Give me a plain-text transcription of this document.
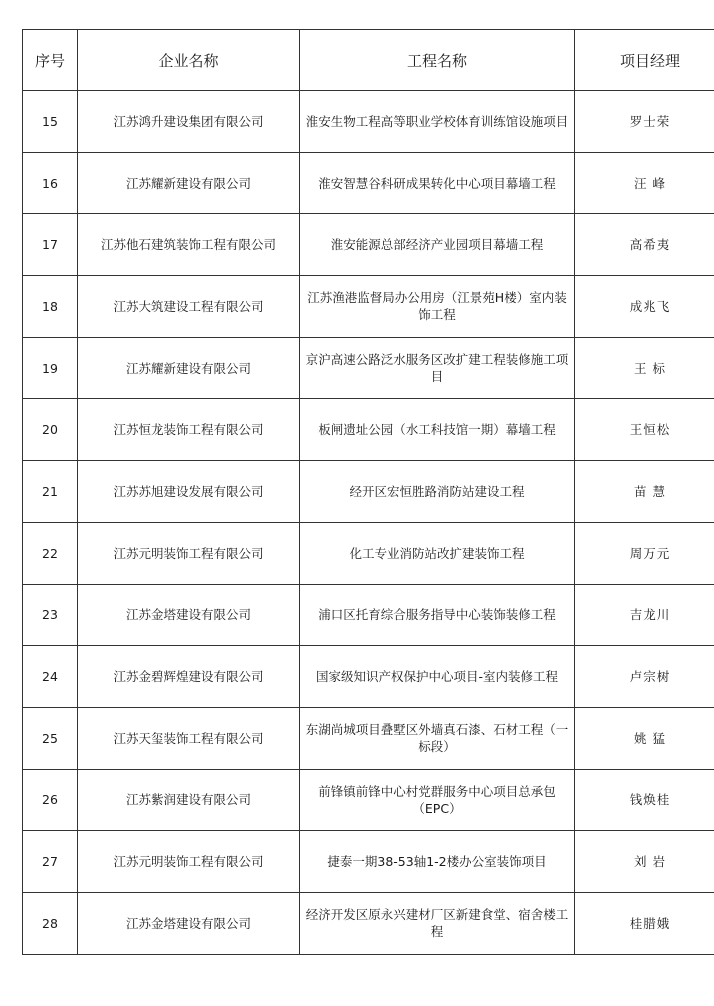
序号	企业名称	工程名称	项目经理
15	江苏鸿升建设集团有限公司	淮安生物工程高等职业学校体育训练馆设施项目	罗士荣
16	江苏耀新建设有限公司	淮安智慧谷科研成果转化中心项目幕墙工程	汪 峰
17	江苏他石建筑装饰工程有限公司	淮安能源总部经济产业园项目幕墙工程	高希夷
18	江苏大筑建设工程有限公司	江苏渔港监督局办公用房（江景苑H楼）室内装饰工程	成兆飞
19	江苏耀新建设有限公司	京沪高速公路泛水服务区改扩建工程装修施工项目	王 标
20	江苏恒龙装饰工程有限公司	板闸遗址公园（水工科技馆一期）幕墙工程	王恒松
21	江苏苏旭建设发展有限公司	经开区宏恒胜路消防站建设工程	苗 慧
22	江苏元明装饰工程有限公司	化工专业消防站改扩建装饰工程	周万元
23	江苏金塔建设有限公司	浦口区托育综合服务指导中心装饰装修工程	吉龙川
24	江苏金碧辉煌建设有限公司	国家级知识产权保护中心项目-室内装修工程	卢宗树
25	江苏天玺装饰工程有限公司	东湖尚城项目叠墅区外墙真石漆、石材工程（一标段）	姚 猛
26	江苏紫润建设有限公司	前锋镇前锋中心村党群服务中心项目总承包（EPC）	钱焕桂
27	江苏元明装饰工程有限公司	捷泰一期38-53轴1-2楼办公室装饰项目	刘 岩
28	江苏金塔建设有限公司	经济开发区原永兴建材厂区新建食堂、宿舍楼工程	桂腊娥
